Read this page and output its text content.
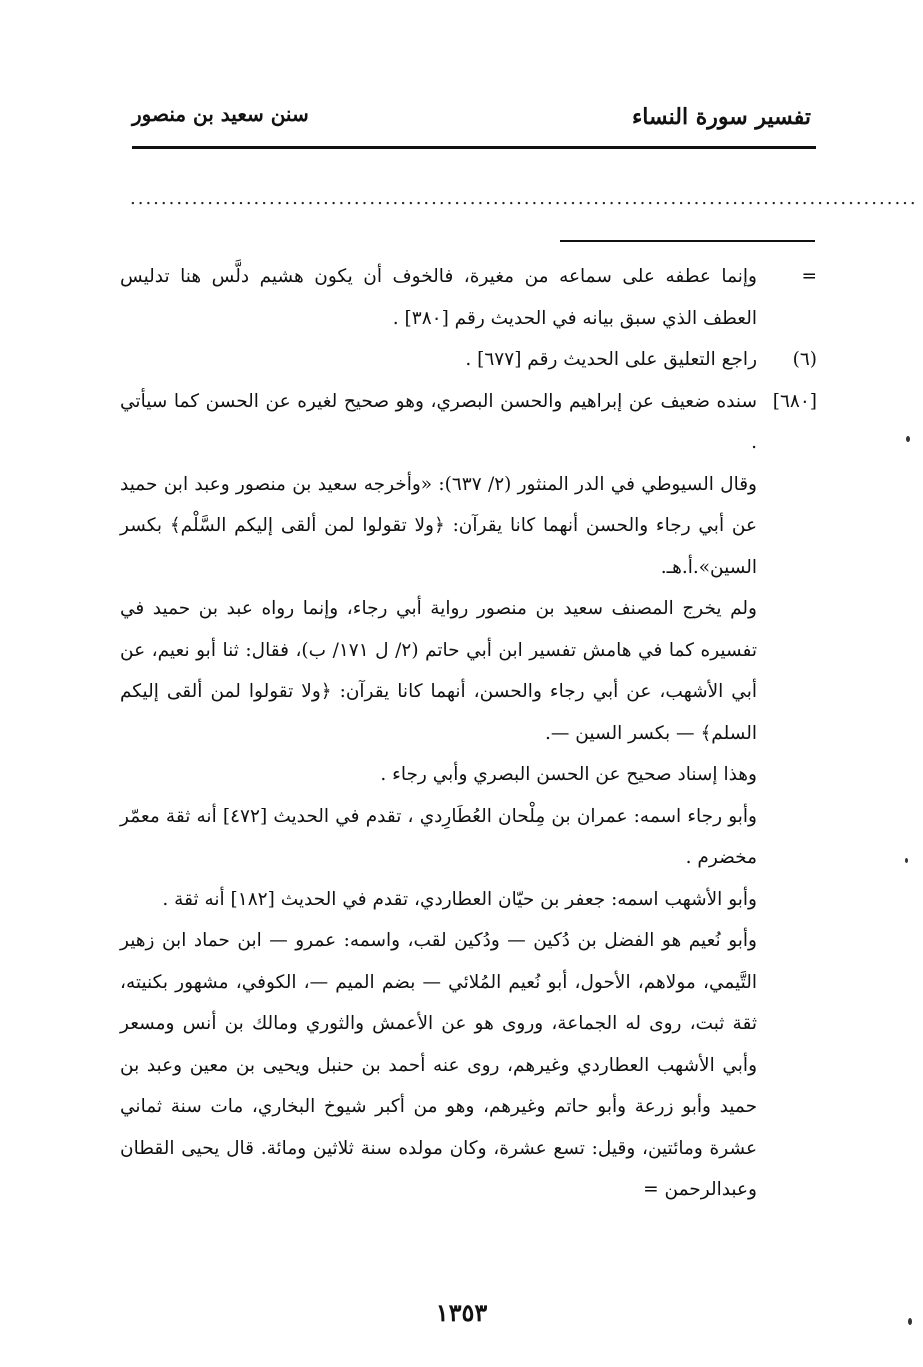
تفسير سورة النساء
سنن سعيد بن منصور
......................................................................................................
=

وإنما عطفه على سماعه من مغيرة، فالخوف أن يكون هشيم دلَّس هنا تدليس العطف الذي سبق بيانه في الحديث رقم [٣٨٠] .

(٦)

راجع التعليق على الحديث رقم [٦٧٧] .

[٦٨٠]

سنده ضعيف عن إبراهيم والحسن البصري، وهو صحيح لغيره عن الحسن كما سيأتي .

وقال السيوطي في الدر المنثور (٢/ ٦٣٧): «وأخرجه سعيد بن منصور وعبد ابن حميد عن أبي رجاء والحسن أنهما كانا يقرآن: ﴿ولا تقولوا لمن ألقى إليكم السَّلْم﴾ بكسر السين».أ.هـ.

ولم يخرج المصنف سعيد بن منصور رواية أبي رجاء، وإنما رواه عبد بن حميد في تفسيره كما في هامش تفسير ابن أبي حاتم (٢/ ل ١٧١/ ب)، فقال: ثنا أبو نعيم، عن أبي الأشهب، عن أبي رجاء والحسن، أنهما كانا يقرآن: ﴿ولا تقولوا لمن ألقى إليكم السلم﴾ — بكسر السين —.

وهذا إسناد صحيح عن الحسن البصري وأبي رجاء .

وأبو رجاء اسمه: عمران بن مِلْحان العُطَارِدي ، تقدم في الحديث [٤٧٢] أنه ثقة معمّر مخضرم .

وأبو الأشهب اسمه: جعفر بن حيّان العطاردي، تقدم في الحديث [١٨٢] أنه ثقة .

وأبو نُعيم هو الفضل بن دُكين — ودُكين لقب، واسمه: عمرو — ابن حماد ابن زهير التَّيمي، مولاهم، الأحول، أبو نُعيم المُلائي — بضم الميم —، الكوفي، مشهور بكنيته، ثقة ثبت، روى له الجماعة، وروى هو عن الأعمش والثوري ومالك بن أنس ومسعر وأبي الأشهب العطاردي وغيرهم، روى عنه أحمد بن حنبل ويحيى بن معين وعبد بن حميد وأبو زرعة وأبو حاتم وغيرهم، وهو من أكبر شيوخ البخاري، مات سنة ثماني عشرة ومائتين، وقيل: تسع عشرة، وكان مولده سنة ثلاثين ومائة. قال يحيى القطان وعبدالرحمن =

١٣٥٣
